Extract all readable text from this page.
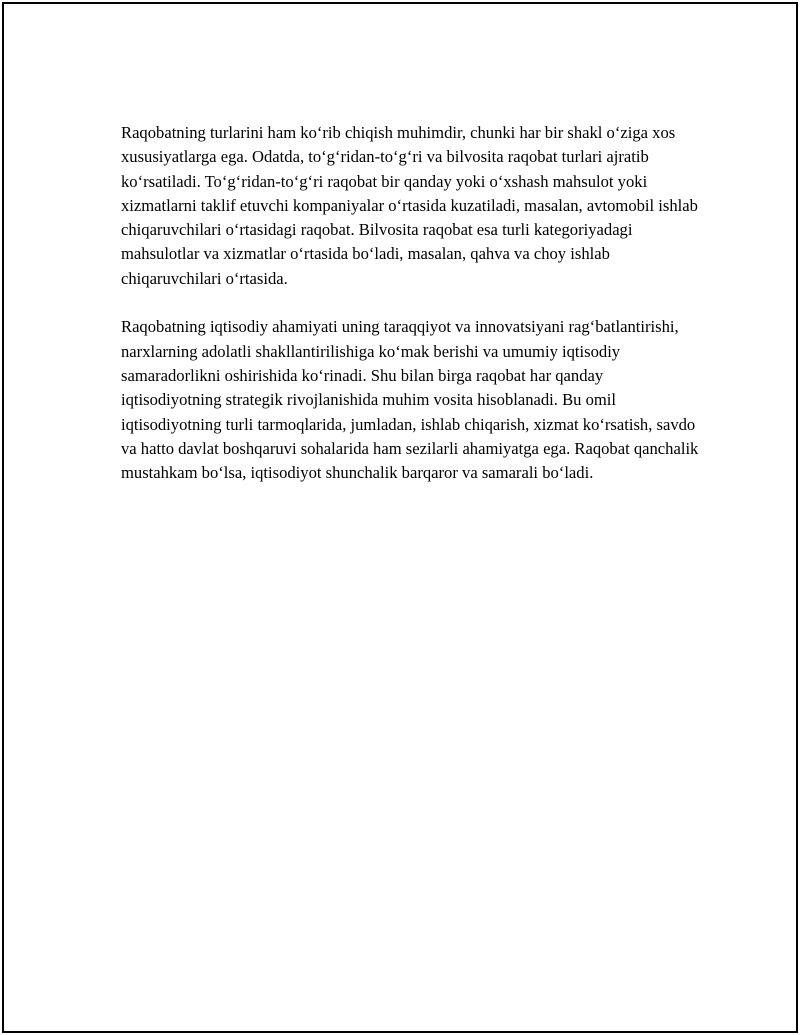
Raqobatning turlarini ham ko‘rib chiqish muhimdir, chunki har bir shakl o‘ziga xos xususiyatlarga ega. Odatda, to‘g‘ridan-to‘g‘ri va bilvosita raqobat turlari ajratib ko‘rsatiladi. To‘g‘ridan-to‘g‘ri raqobat bir qanday yoki o‘xshash mahsulot yoki xizmatlarni taklif etuvchi kompaniyalar o‘rtasida kuzatiladi, masalan, avtomobil ishlab chiqaruvchilari o‘rtasidagi raqobat. Bilvosita raqobat esa turli kategoriyadagi mahsulotlar va xizmatlar o‘rtasida bo‘ladi, masalan, qahva va choy ishlab chiqaruvchilari o‘rtasida.

Raqobatning iqtisodiy ahamiyati uning taraqqiyot va innovatsiyani rag‘batlantirishi, narxlarning adolatli shakllantirilishiga ko‘mak berishi va umumiy iqtisodiy samaradorlikni oshirishida ko‘rinadi. Shu bilan birga raqobat har qanday iqtisodiyotning strategik rivojlanishida muhim vosita hisoblanadi. Bu omil iqtisodiyotning turli tarmoqlarida, jumladan, ishlab chiqarish, xizmat ko‘rsatish, savdo va hatto davlat boshqaruvi sohalarida ham sezilarli ahamiyatga ega. Raqobat qanchalik mustahkam bo‘lsa, iqtisodiyot shunchalik barqaror va samarali bo‘ladi.
